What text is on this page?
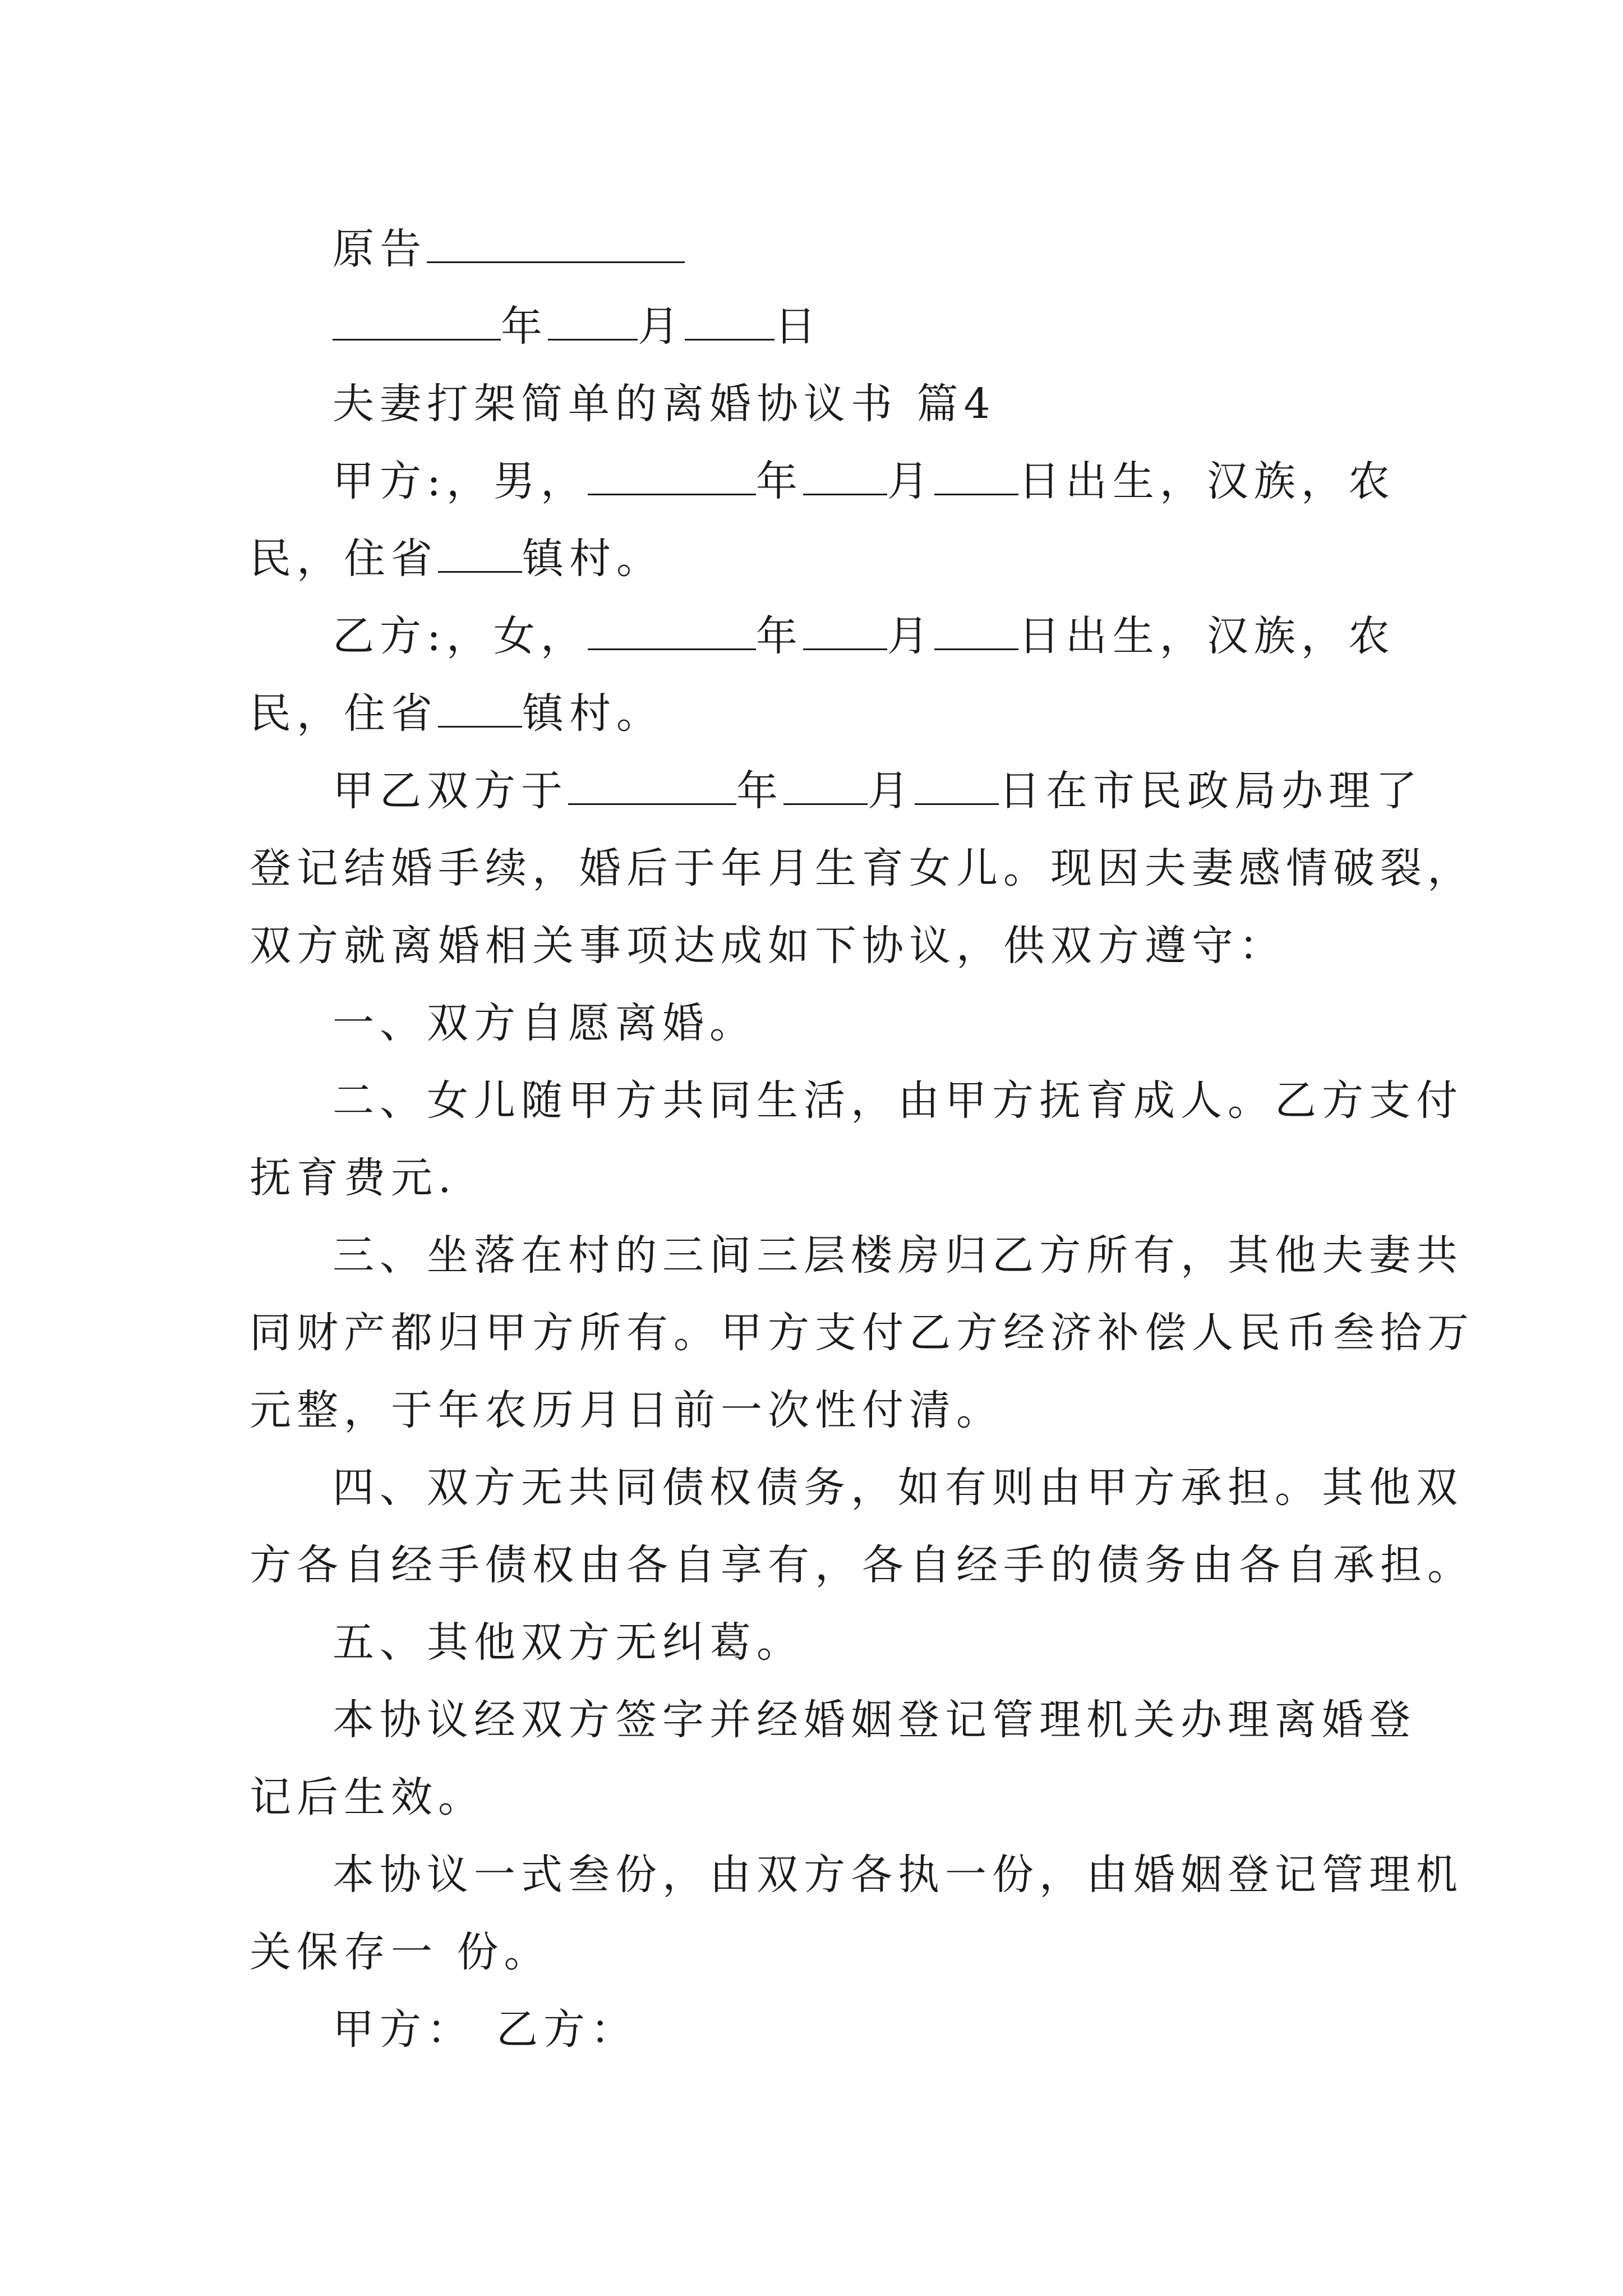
原告
年 月 日
夫妻打架简单的离婚协议书 篇4
甲方:，男，	年 月 日出生，汉族，农
民，住省 镇村。
乙方:，女，	年 月 日出生，汉族，农
民，住省 镇村。
甲乙双方于	年 月 日在市民政局办理了
登记结婚手续，婚后于年月生育女儿。现因夫妻感情破裂，
双方就离婚相关事项达成如下协议，供双方遵守：
一、双方自愿离婚。
二、女儿随甲方共同生活，由甲方抚育成人。乙方支付
抚育费元.
三、坐落在村的三间三层楼房归乙方所有，其他夫妻共
同财产都归甲方所有。甲方支付乙方经济补偿人民币叁拾万
元整，于年农历月日前一次性付清。
四、双方无共同债权债务，如有则由甲方承担。其他双
方各自经手债权由各自享有，各自经手的债务由各自承担。
五、其他双方无纠葛。
本协议经双方签字并经婚姻登记管理机关办理离婚登
记后生效。
本协议一式叁份，由双方各执一份，由婚姻登记管理机
关保存一 份。
甲方： 乙方：
